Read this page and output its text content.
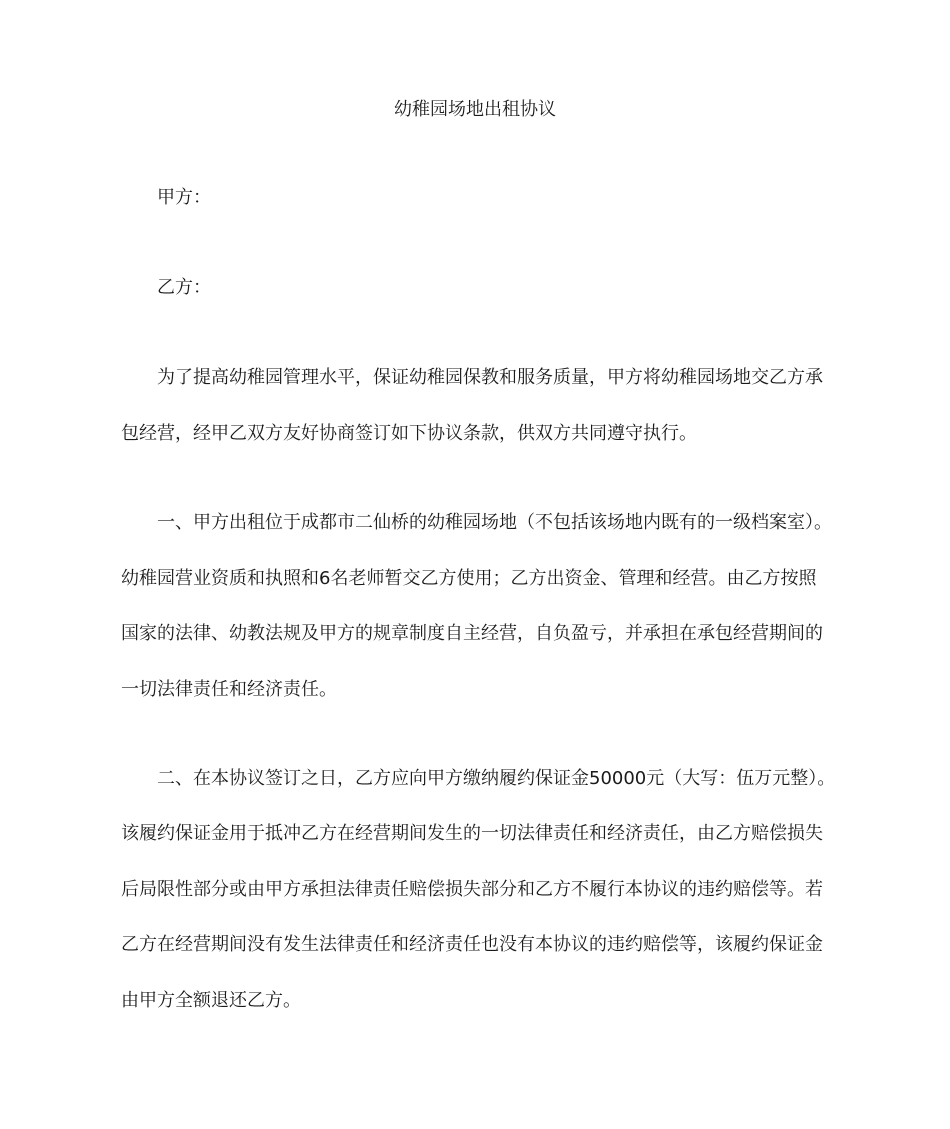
幼稚园场地出租协议

甲方：

乙方：

为了提高幼稚园管理水平，保证幼稚园保教和服务质量，甲方将幼稚园场地交乙方承

包经营，经甲乙双方友好协商签订如下协议条款，供双方共同遵守执行。

一、甲方出租位于成都市二仙桥的幼稚园场地（不包括该场地内既有的一级档案室）。

幼稚园营业资质和执照和6名老师暂交乙方使用；乙方出资金、管理和经营。由乙方按照

国家的法律、幼教法规及甲方的规章制度自主经营，自负盈亏，并承担在承包经营期间的

一切法律责任和经济责任。

二、在本协议签订之日，乙方应向甲方缴纳履约保证金50000元（大写：伍万元整）。

该履约保证金用于抵冲乙方在经营期间发生的一切法律责任和经济责任，由乙方赔偿损失

后局限性部分或由甲方承担法律责任赔偿损失部分和乙方不履行本协议的违约赔偿等。若

乙方在经营期间没有发生法律责任和经济责任也没有本协议的违约赔偿等，该履约保证金

由甲方全额退还乙方。
